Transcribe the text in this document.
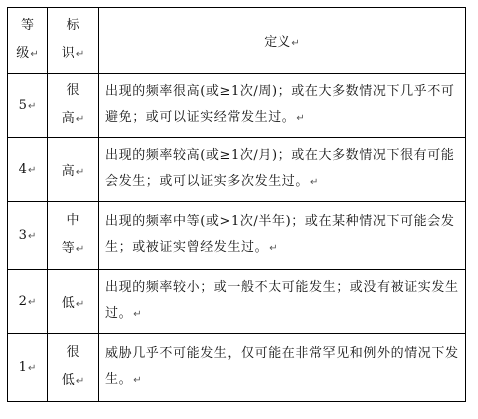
等
级↵	标
识↵	定义↵
5↵	很
高↵	出现的频率很高(或≥1次/周)；或在大多数情况下几乎不可避免；或可以证实经常发生过。↵

4↵	高↵	出现的频率较高(或≥1次/月)；或在大多数情况下很有可能会发生；或可以证实多次发生过。↵

3↵	中
等↵	出现的频率中等(或>1次/半年)；或在某种情况下可能会发生；或被证实曾经发生过。↵

2↵	低↵	出现的频率较小；或一般不太可能发生；或没有被证实发生过。↵

1↵	很
低↵	威胁几乎不可能发生，仅可能在非常罕见和例外的情况下发生。↵
